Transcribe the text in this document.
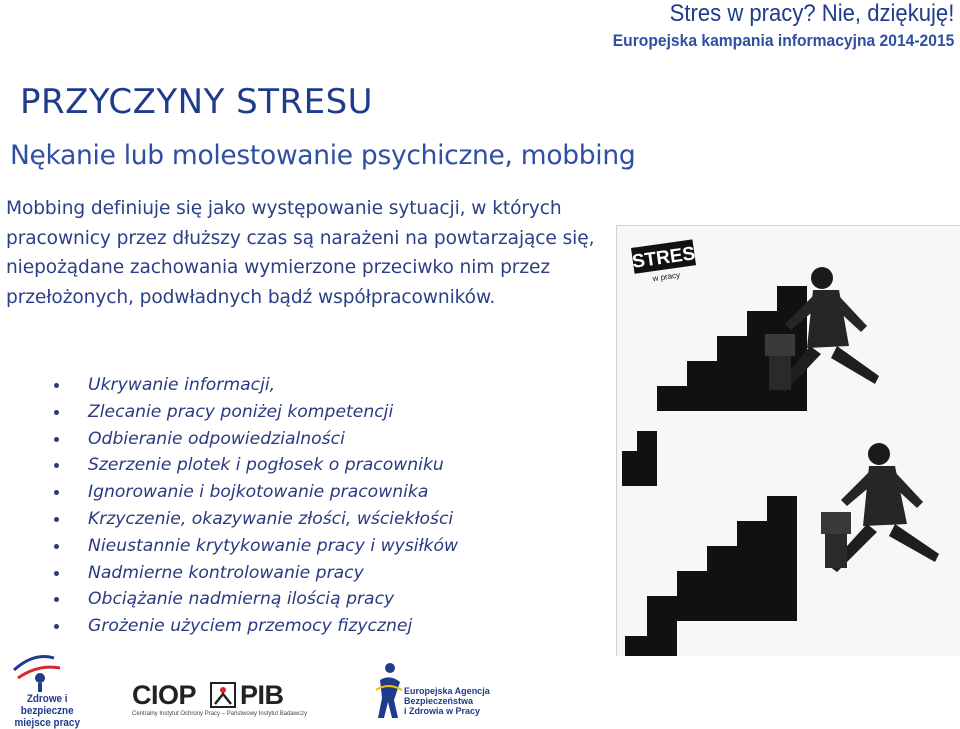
Stres w pracy? Nie, dziękuję!
Europejska kampania informacyjna 2014-2015
PRZYCZYNY STRESU
Nękanie lub molestowanie psychiczne, mobbing

Mobbing definiuje się jako występowanie sytuacji, w których pracownicy przez dłuższy czas są narażeni na powtarzające się, niepożądane zachowania wymierzone przeciwko nim przez przełożonych, podwładnych bądź współpracowników.

Ukrywanie informacji,
Zlecanie pracy poniżej kompetencji
Odbieranie odpowiedzialności
Szerzenie plotek i pogłosek o pracowniku
Ignorowanie i bojkotowanie pracownika
Krzyczenie, okazywanie złości, wściekłości
Nieustannie krytykowanie pracy i wysiłków
Nadmierne kontrolowanie pracy
Obciążanie nadmierną ilością pracy
Grożenie użyciem przemocy fizycznej
STRES
w pracy
Zdrowe i bezpieczne
miejsce pracy
CIOP PIB
Centralny Instytut Ochrony Pracy – Państwowy Instytut Badawczy
Europejska Agencja
Bezpieczeństwa
i Zdrowia w Pracy
